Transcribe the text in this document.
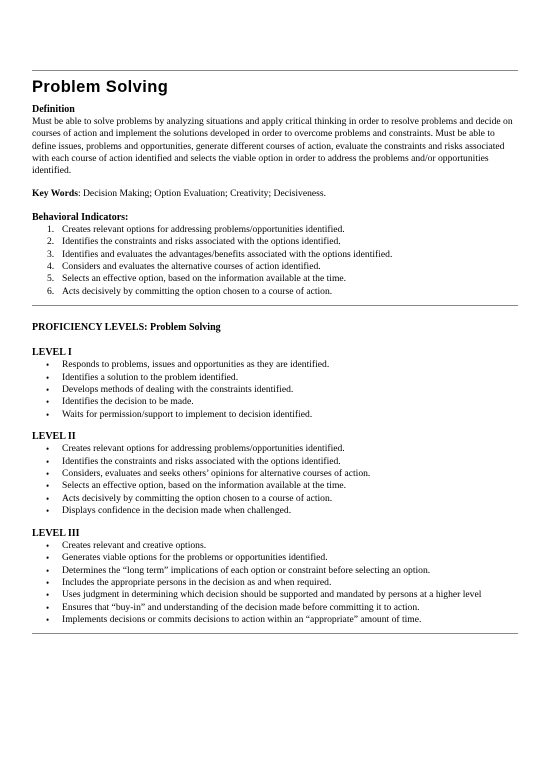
Problem Solving
Definition

Must be able to solve problems by analyzing situations and apply critical thinking in order to resolve problems and decide on courses of action and implement the solutions developed in order to overcome problems and constraints. Must be able to define issues, problems and opportunities, generate different courses of action, evaluate the constraints and risks associated with each course of action identified and selects the viable option in order to address the problems and/or opportunities identified.

Key Words: Decision Making; Option Evaluation; Creativity; Decisiveness.

Behavioral Indicators:
1. Creates relevant options for addressing problems/opportunities identified.
2. Identifies the constraints and risks associated with the options identified.
3. Identifies and evaluates the advantages/benefits associated with the options identified.
4. Considers and evaluates the alternative courses of action identified.
5. Selects an effective option, based on the information available at the time.
6. Acts decisively by committing the option chosen to a course of action.
PROFICIENCY LEVELS: Problem Solving
LEVEL I
• Responds to problems, issues and opportunities as they are identified.
• Identifies a solution to the problem identified.
• Develops methods of dealing with the constraints identified.
• Identifies the decision to be made.
• Waits for permission/support to implement to decision identified.
LEVEL II
• Creates relevant options for addressing problems/opportunities identified.
• Identifies the constraints and risks associated with the options identified.
• Considers, evaluates and seeks others’ opinions for alternative courses of action.
• Selects an effective option, based on the information available at the time.
• Acts decisively by committing the option chosen to a course of action.
• Displays confidence in the decision made when challenged.
LEVEL III
• Creates relevant and creative options.
• Generates viable options for the problems or opportunities identified.
• Determines the “long term” implications of each option or constraint before selecting an option.
• Includes the appropriate persons in the decision as and when required.
• Uses judgment in determining which decision should be supported and mandated by persons at a higher level
• Ensures that “buy-in” and understanding of the decision made before committing it to action.
• Implements decisions or commits decisions to action within an “appropriate” amount of time.
